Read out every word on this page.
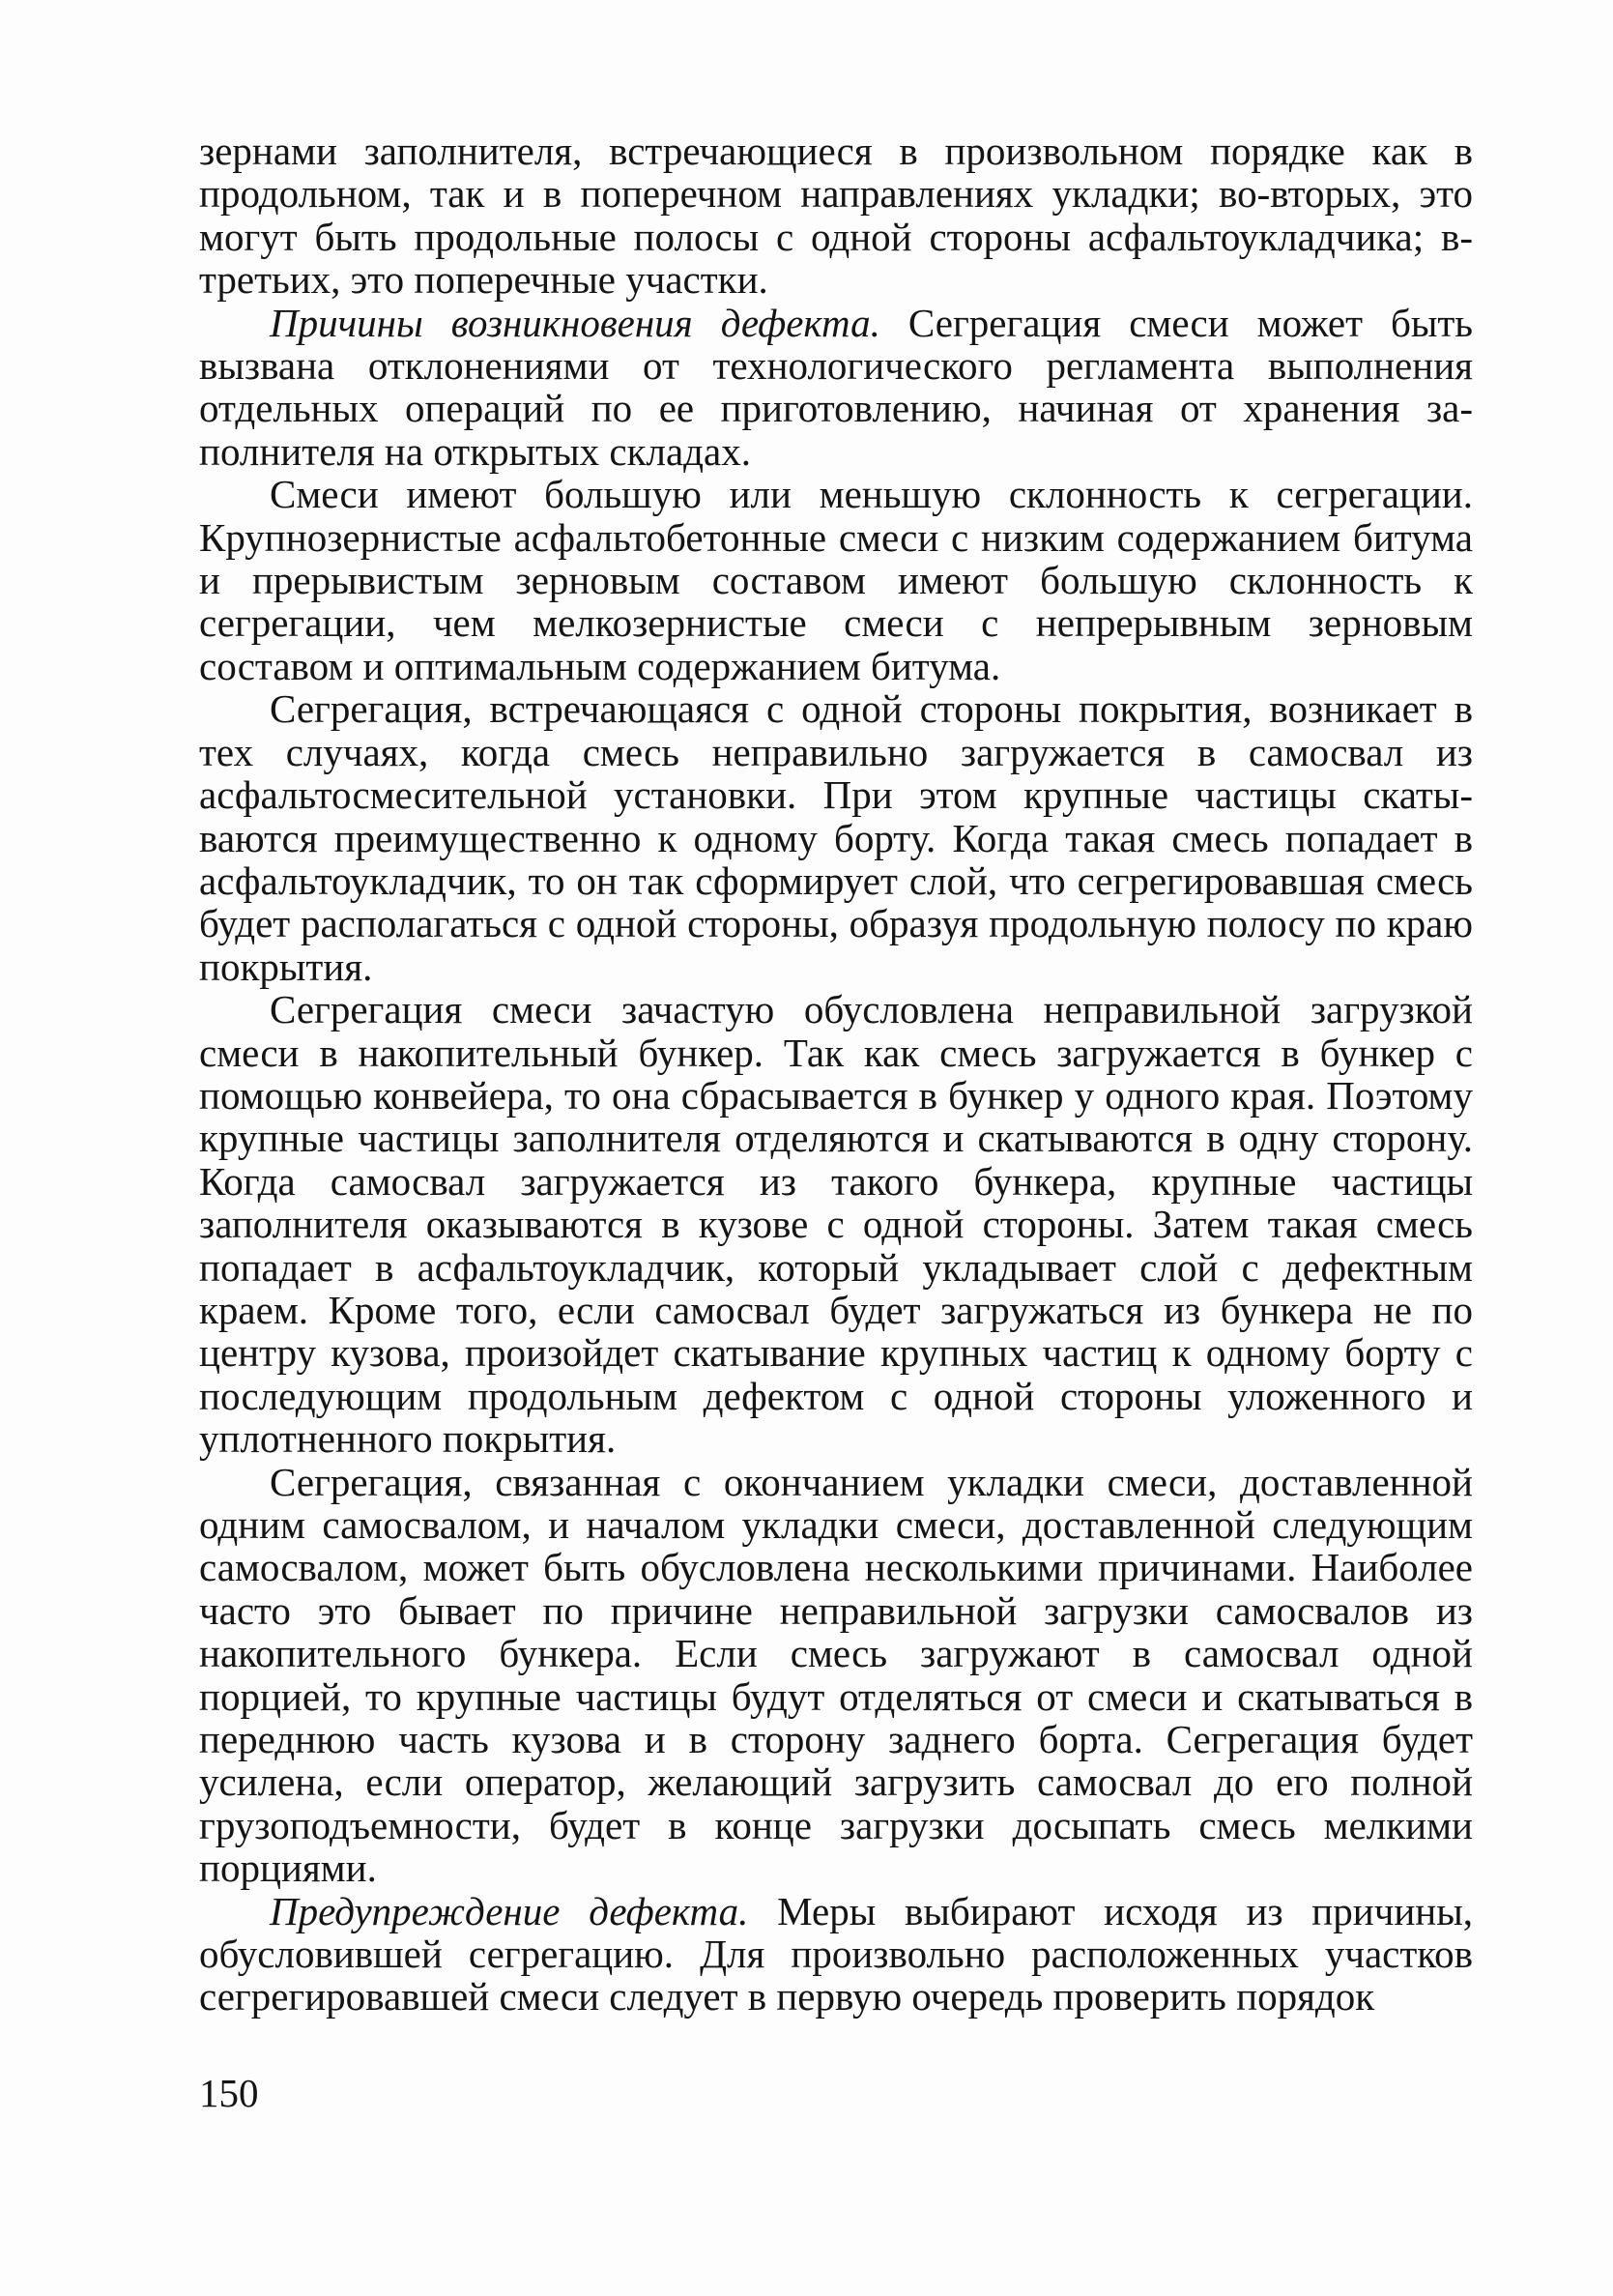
зернами заполнителя, встречающиеся в произвольном порядке как в продольном, так и в поперечном направлениях укладки; во-вторых, это могут быть продольные полосы с одной стороны асфальтоукладчика; в-третьих, это поперечные участки.

Причины возникновения дефекта. Сегрегация смеси может быть вызвана отклонениями от технологического регламента выполнения отдельных операций по ее приготовлению, начиная от хранения заполнителя на открытых складах.

Смеси имеют большую или меньшую склонность к сегрегации. Крупнозернистые асфальтобетонные смеси с низким содержанием битума и прерывистым зерновым составом имеют большую склонность к сегрегации, чем мелкозернистые смеси с непрерывным зерновым составом и оптимальным содержанием битума.

Сегрегация, встречающаяся с одной стороны покрытия, возникает в тех случаях, когда смесь неправильно загружается в самосвал из асфальтосмесительной установки. При этом крупные частицы скатываются преимущественно к одному борту. Когда такая смесь попадает в асфальтоукладчик, то он так сформирует слой, что сегрегировавшая смесь будет располагаться с одной стороны, образуя продольную полосу по краю покрытия.

Сегрегация смеси зачастую обусловлена неправильной загрузкой смеси в накопительный бункер. Так как смесь загружается в бункер с помощью конвейера, то она сбрасывается в бункер у одного края. Поэтому крупные частицы заполнителя отделяются и скатываются в одну сторону. Когда самосвал загружается из такого бункера, крупные частицы заполнителя оказываются в кузове с одной стороны. Затем такая смесь попадает в асфальтоукладчик, который укладывает слой с дефектным краем. Кроме того, если самосвал будет загружаться из бункера не по центру кузова, произойдет скатывание крупных частиц к одному борту с последующим продольным дефектом с одной стороны уложенного и уплотненного покрытия.

Сегрегация, связанная с окончанием укладки смеси, доставленной одним самосвалом, и началом укладки смеси, доставленной следующим самосвалом, может быть обусловлена несколькими причинами. Наиболее часто это бывает по причине неправильной загрузки самосвалов из накопительного бункера. Если смесь загружают в самосвал одной порцией, то крупные частицы будут отделяться от смеси и скатываться в переднюю часть кузова и в сторону заднего борта. Сегрегация будет усилена, если оператор, желающий загрузить самосвал до его полной грузоподъемности, будет в конце загрузки досыпать смесь мелкими порциями.

Предупреждение дефекта. Меры выбирают исходя из причины, обусловившей сегрегацию. Для произвольно расположенных участков сегрегировавшей смеси следует в первую очередь проверить порядок

150
